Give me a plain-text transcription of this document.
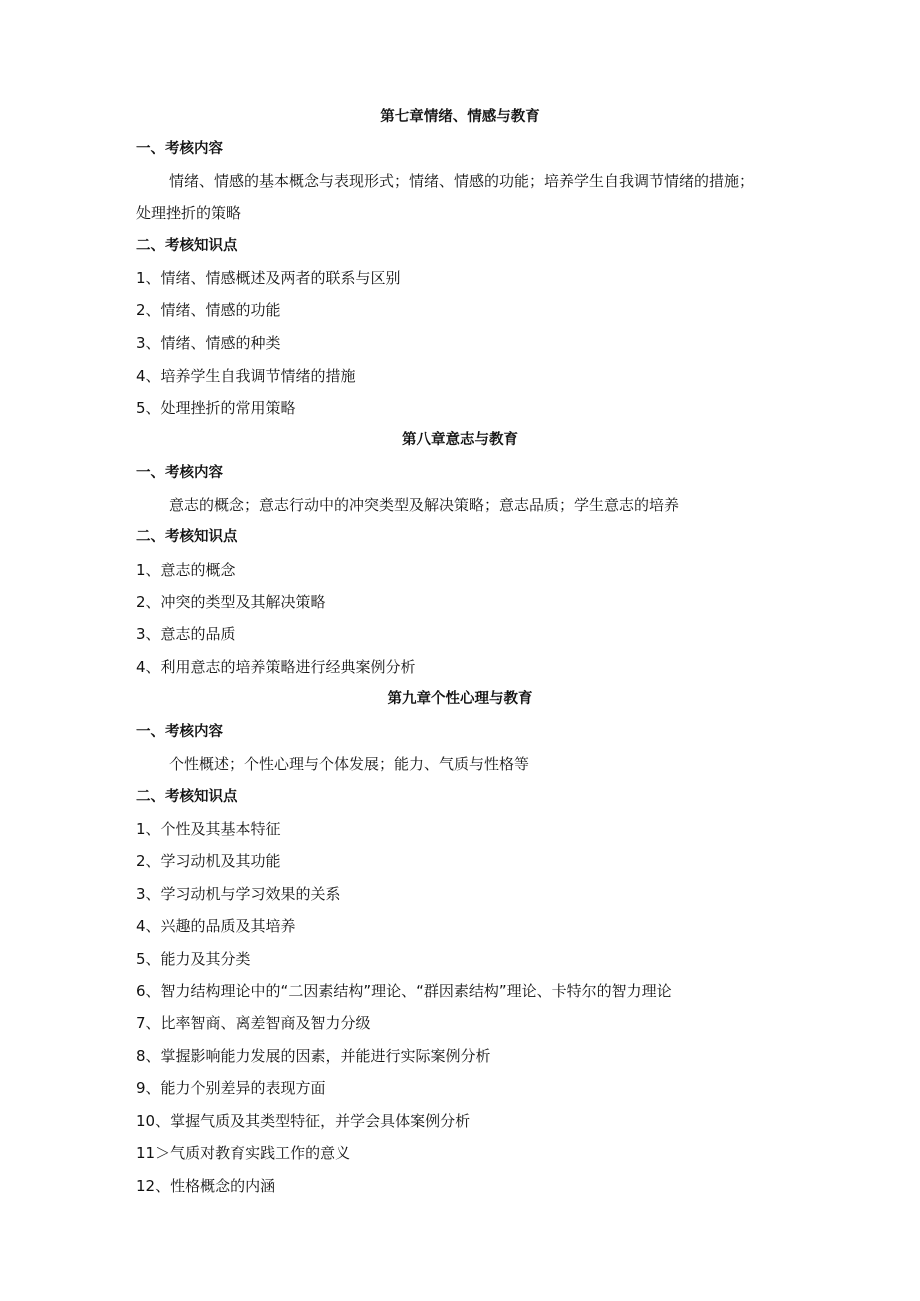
第七章情绪、情感与教育
一、考核内容
情绪、情感的基本概念与表现形式；情绪、情感的功能；培养学生自我调节情绪的措施；
处理挫折的策略
二、考核知识点
1、情绪、情感概述及两者的联系与区别
2、情绪、情感的功能
3、情绪、情感的种类
4、培养学生自我调节情绪的措施
5、处理挫折的常用策略
第八章意志与教育
一、考核内容
意志的概念；意志行动中的冲突类型及解决策略；意志品质；学生意志的培养
二、考核知识点
1、意志的概念
2、冲突的类型及其解决策略
3、意志的品质
4、利用意志的培养策略进行经典案例分析
第九章个性心理与教育
一、考核内容
个性概述；个性心理与个体发展；能力、气质与性格等
二、考核知识点
1、个性及其基本特征
2、学习动机及其功能
3、学习动机与学习效果的关系
4、兴趣的品质及其培养
5、能力及其分类
6、智力结构理论中的“二因素结构”理论、“群因素结构”理论、卡特尔的智力理论
7、比率智商、离差智商及智力分级
8、掌握影响能力发展的因素，并能进行实际案例分析
9、能力个别差异的表现方面
10、掌握气质及其类型特征，并学会具体案例分析
11＞气质对教育实践工作的意义
12、性格概念的内涵
